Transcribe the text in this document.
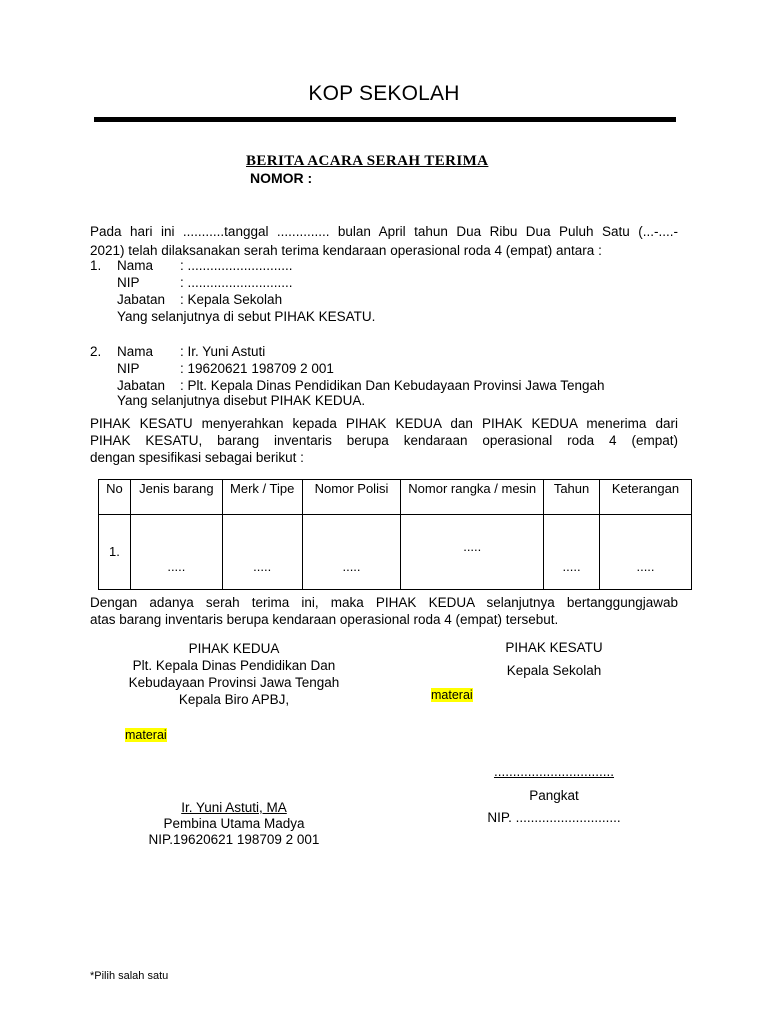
KOP SEKOLAH
BERITA ACARA SERAH TERIMA
NOMOR :
Pada hari ini ...........tanggal .............. bulan April tahun Dua Ribu Dua Puluh Satu (...-....-
2021) telah dilaksanakan serah terima kendaraan operasional roda 4 (empat) antara :
1. Nama : ............................
NIP	: ............................
Jabatan : Kepala Sekolah
Yang selanjutnya di sebut PIHAK KESATU.
2. Nama : Ir. Yuni Astuti
NIP	: 19620621 198709 2 001
Jabatan : Plt. Kepala Dinas Pendidikan Dan Kebudayaan Provinsi Jawa Tengah
Yang selanjutnya disebut PIHAK KEDUA.
PIHAK KESATU menyerahkan kepada PIHAK KEDUA dan PIHAK KEDUA menerima dari
PIHAK KESATU, barang inventaris berupa kendaraan operasional roda 4 (empat)
dengan spesifikasi sebagai berikut :
No	Jenis barang	Merk / Tipe	Nomor Polisi	Nomor rangka / mesin	Tahun	Keterangan
1.	.....	.....	.....	.....	.....	.....
Dengan adanya serah terima ini, maka PIHAK KEDUA selanjutnya bertanggungjawab
atas barang inventaris berupa kendaraan operasional roda 4 (empat) tersebut.
PIHAK KEDUA
Plt. Kepala Dinas Pendidikan Dan
Kebudayaan Provinsi Jawa Tengah
Kepala Biro APBJ,
materai
Ir. Yuni Astuti, MA
Pembina Utama Madya
NIP.19620621 198709 2 001
PIHAK KESATU
Kepala Sekolah
materai
................................
Pangkat
NIP. ............................
*Pilih salah satu
